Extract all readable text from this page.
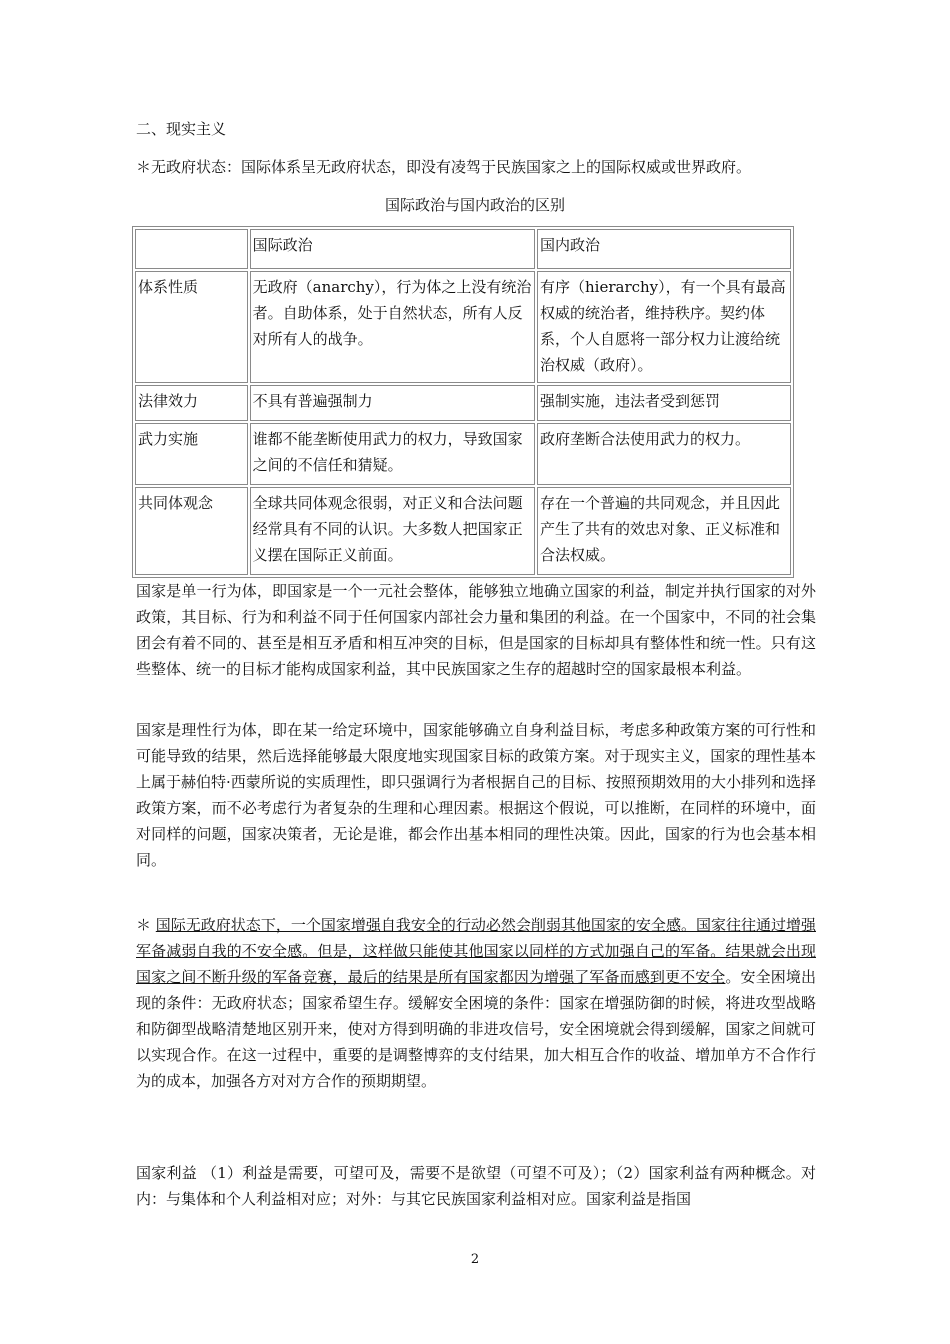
二、现实主义
＊无政府状态：国际体系呈无政府状态，即没有凌驾于民族国家之上的国际权威或世界政府。
国际政治与国内政治的区别
	国际政治	国内政治
体系性质	无政府（anarchy），行为体之上没有统治者。自助体系，处于自然状态，所有人反对所有人的战争。	有序（hierarchy），有一个具有最高权威的统治者，维持秩序。契约体系，个人自愿将一部分权力让渡给统治权威（政府）。
法律效力	不具有普遍强制力	强制实施，违法者受到惩罚
武力实施	谁都不能垄断使用武力的权力，导致国家之间的不信任和猜疑。	政府垄断合法使用武力的权力。
共同体观念	全球共同体观念很弱，对正义和合法问题经常具有不同的认识。大多数人把国家正义摆在国际正义前面。	存在一个普遍的共同观念，并且因此产生了共有的效忠对象、正义标准和合法权威。
国家是单一行为体，即国家是一个一元社会整体，能够独立地确立国家的利益，制定并执行国家的对外政策，其目标、行为和利益不同于任何国家内部社会力量和集团的利益。在一个国家中，不同的社会集团会有着不同的、甚至是相互矛盾和相互冲突的目标，但是国家的目标却具有整体性和统一性。只有这些整体、统一的目标才能构成国家利益，其中民族国家之生存的超越时空的国家最根本利益。
国家是理性行为体，即在某一给定环境中，国家能够确立自身利益目标，考虑多种政策方案的可行性和可能导致的结果，然后选择能够最大限度地实现国家目标的政策方案。对于现实主义，国家的理性基本上属于赫伯特·西蒙所说的实质理性，即只强调行为者根据自己的目标、按照预期效用的大小排列和选择政策方案，而不必考虑行为者复杂的生理和心理因素。根据这个假说，可以推断，在同样的环境中，面对同样的问题，国家决策者，无论是谁，都会作出基本相同的理性决策。因此，国家的行为也会基本相同。
＊ 国际无政府状态下，一个国家增强自我安全的行动必然会削弱其他国家的安全感。国家往往通过增强军备减弱自我的不安全感。但是，这样做只能使其他国家以同样的方式加强自己的军备。结果就会出现国家之间不断升级的军备竞赛，最后的结果是所有国家都因为增强了军备而感到更不安全。安全困境出现的条件：无政府状态；国家希望生存。缓解安全困境的条件：国家在增强防御的时候，将进攻型战略和防御型战略清楚地区别开来，使对方得到明确的非进攻信号，安全困境就会得到缓解，国家之间就可以实现合作。在这一过程中，重要的是调整博弈的支付结果，加大相互合作的收益、增加单方不合作行为的成本，加强各方对对方合作的预期期望。
国家利益 （1）利益是需要，可望可及，需要不是欲望（可望不可及）；（2）国家利益有两种概念。对内：与集体和个人利益相对应；对外：与其它民族国家利益相对应。国家利益是指国
2
